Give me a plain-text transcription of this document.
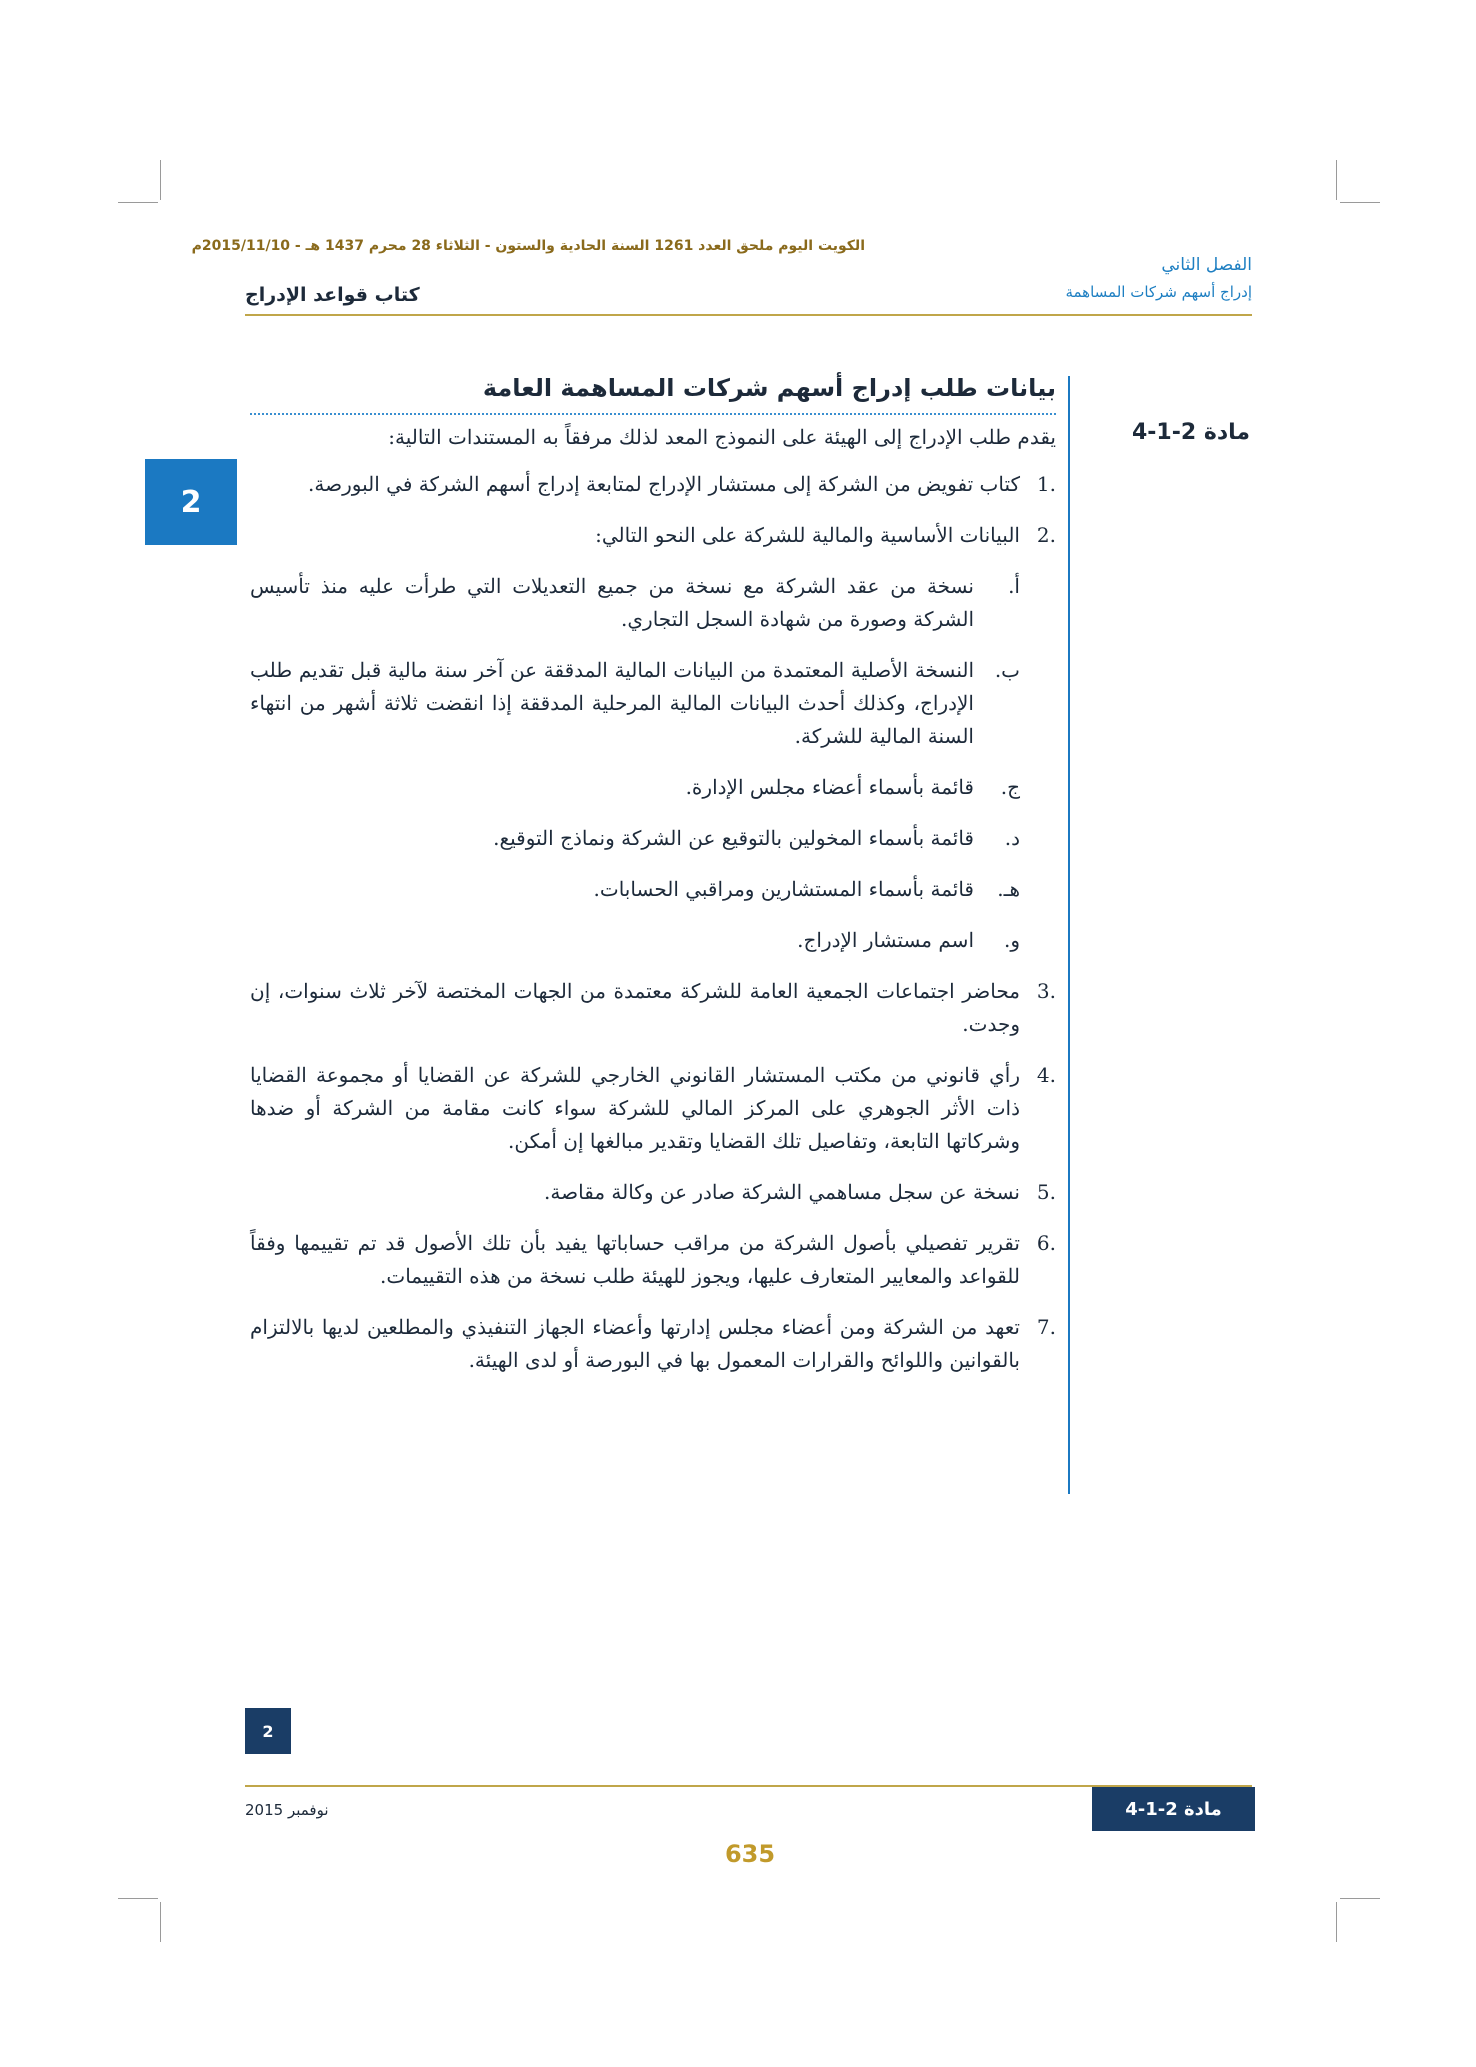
الكويت اليوم ملحق العدد 1261 السنة الحادية والستون - الثلاثاء 28 محرم 1437 هـ - 2015/11/10م
الفصل الثاني
إدراج أسهم شركات المساهمة
كتاب قواعد الإدراج
2
مادة 2-1-4
بيانات طلب إدراج أسهم شركات المساهمة العامة
يقدم طلب الإدراج إلى الهيئة على النموذج المعد لذلك مرفقاً به المستندات التالية:
.1
كتاب تفويض من الشركة إلى مستشار الإدراج لمتابعة إدراج أسهم الشركة في البورصة.
.2
البيانات الأساسية والمالية للشركة على النحو التالي:
أ.
نسخة من عقد الشركة مع نسخة من جميع التعديلات التي طرأت عليه منذ تأسيس الشركة وصورة من شهادة السجل التجاري.
ب.
النسخة الأصلية المعتمدة من البيانات المالية المدققة عن آخر سنة مالية قبل تقديم طلب الإدراج، وكذلك أحدث البيانات المالية المرحلية المدققة إذا انقضت ثلاثة أشهر من انتهاء السنة المالية للشركة.
ج.
قائمة بأسماء أعضاء مجلس الإدارة.
د.
قائمة بأسماء المخولين بالتوقيع عن الشركة ونماذج التوقيع.
هـ.
قائمة بأسماء المستشارين ومراقبي الحسابات.
و.
اسم مستشار الإدراج.
.3
محاضر اجتماعات الجمعية العامة للشركة معتمدة من الجهات المختصة لآخر ثلاث سنوات، إن وجدت.
.4
رأي قانوني من مكتب المستشار القانوني الخارجي للشركة عن القضايا أو مجموعة القضايا ذات الأثر الجوهري على المركز المالي للشركة سواء كانت مقامة من الشركة أو ضدها وشركاتها التابعة، وتفاصيل تلك القضايا وتقدير مبالغها إن أمكن.
.5
نسخة عن سجل مساهمي الشركة صادر عن وكالة مقاصة.
.6
تقرير تفصيلي بأصول الشركة من مراقب حساباتها يفيد بأن تلك الأصول قد تم تقييمها وفقاً للقواعد والمعايير المتعارف عليها، ويجوز للهيئة طلب نسخة من هذه التقييمات.
.7
تعهد من الشركة ومن أعضاء مجلس إدارتها وأعضاء الجهاز التنفيذي والمطلعين لديها بالالتزام بالقوانين واللوائح والقرارات المعمول بها في البورصة أو لدى الهيئة.
2
نوفمبر 2015	مادة 2-1-4
635
